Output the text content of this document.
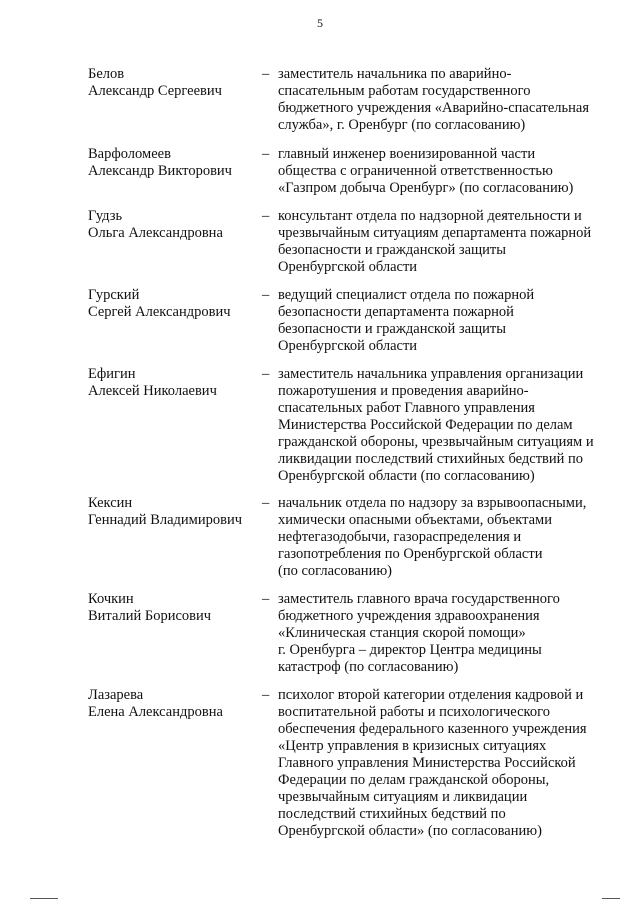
5
Белов
Александр Сергеевич
– заместитель начальника по аварийно-
спасательным работам государственного
бюджетного учреждения «Аварийно-спасательная
служба», г. Оренбург (по согласованию)
Варфоломеев
Александр Викторович
– главный инженер военизированной части
общества с ограниченной ответственностью
«Газпром добыча Оренбург» (по согласованию)
Гудзь
Ольга Александровна
– консультант отдела по надзорной деятельности и
чрезвычайным ситуациям департамента пожарной
безопасности и гражданской защиты
Оренбургской области
Гурский
Сергей Александрович
– ведущий специалист отдела по пожарной
безопасности департамента пожарной
безопасности и гражданской защиты
Оренбургской области
Ефигин
Алексей Николаевич
– заместитель начальника управления организации
пожаротушения и проведения аварийно-
спасательных работ Главного управления
Министерства Российской Федерации по делам
гражданской обороны, чрезвычайным ситуациям и
ликвидации последствий стихийных бедствий по
Оренбургской области (по согласованию)
Кексин
Геннадий Владимирович
– начальник отдела по надзору за взрывоопасными,
химически опасными объектами, объектами
нефтегазодобычи, газораспределения и
газопотребления по Оренбургской области
(по согласованию)
Кочкин
Виталий Борисович
– заместитель главного врача государственного
бюджетного учреждения здравоохранения
«Клиническая станция скорой помощи»
г. Оренбурга – директор Центра медицины
катастроф (по согласованию)
Лазарева
Елена Александровна
– психолог второй категории отделения кадровой и
воспитательной работы и психологического
обеспечения федерального казенного учреждения
«Центр управления в кризисных ситуациях
Главного управления Министерства Российской
Федерации по делам гражданской обороны,
чрезвычайным ситуациям и ликвидации
последствий стихийных бедствий по
Оренбургской области» (по согласованию)
